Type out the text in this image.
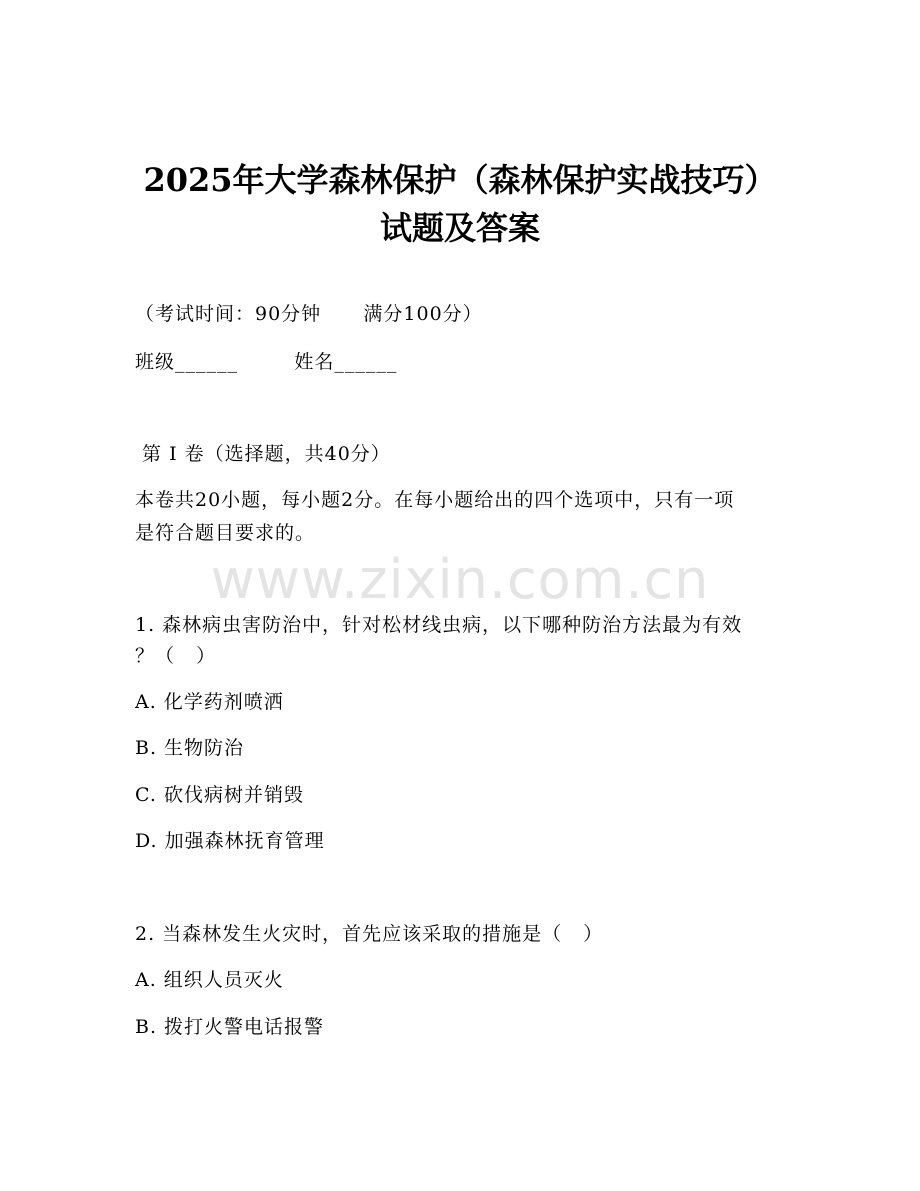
www.zixin.com.cn
2025年大学森林保护（森林保护实战技巧）
试题及答案
（考试时间：90分钟      满分100分）
班级______        姓名______
第 I 卷（选择题，共40分）
本卷共20小题，每小题2分。在每小题给出的四个选项中，只有一项
是符合题目要求的。
1. 森林病虫害防治中，针对松材线虫病，以下哪种防治方法最为有效
？（   ）
A. 化学药剂喷洒
B. 生物防治
C. 砍伐病树并销毁
D. 加强森林抚育管理
2. 当森林发生火灾时，首先应该采取的措施是（   ）
A. 组织人员灭火
B. 拨打火警电话报警
